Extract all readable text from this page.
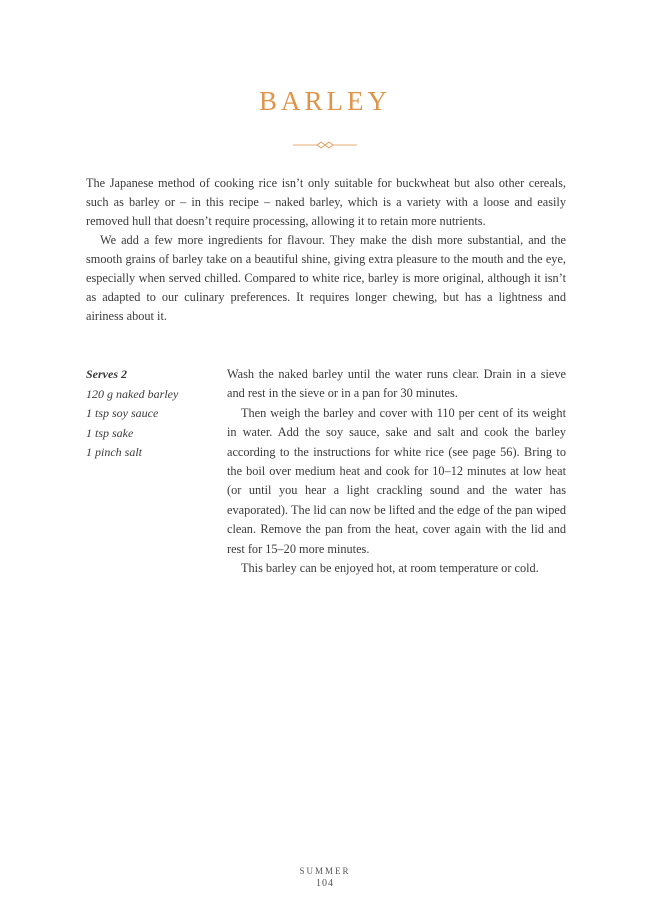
BARLEY

The Japanese method of cooking rice isn’t only suitable for buckwheat but also other cereals, such as barley or – in this recipe – naked barley, which is a variety with a loose and easily removed hull that doesn’t require processing, allowing it to retain more nutrients.

We add a few more ingredients for flavour. They make the dish more substantial, and the smooth grains of barley take on a beautiful shine, giving extra pleasure to the mouth and the eye, especially when served chilled. Compared to white rice, barley is more original, although it isn’t as adapted to our culinary preferences. It requires longer chewing, but has a lightness and airiness about it.

Serves 2
120 g naked barley
1 tsp soy sauce
1 tsp sake
1 pinch salt

Wash the naked barley until the water runs clear. Drain in a sieve and rest in the sieve or in a pan for 30 minutes.

Then weigh the barley and cover with 110 per cent of its weight in water. Add the soy sauce, sake and salt and cook the barley according to the instructions for white rice (see page 56). Bring to the boil over medium heat and cook for 10–12 minutes at low heat (or until you hear a light crackling sound and the water has evaporated). The lid can now be lifted and the edge of the pan wiped clean. Remove the pan from the heat, cover again with the lid and rest for 15–20 more minutes.

This barley can be enjoyed hot, at room temperature or cold.

SUMMER
104
